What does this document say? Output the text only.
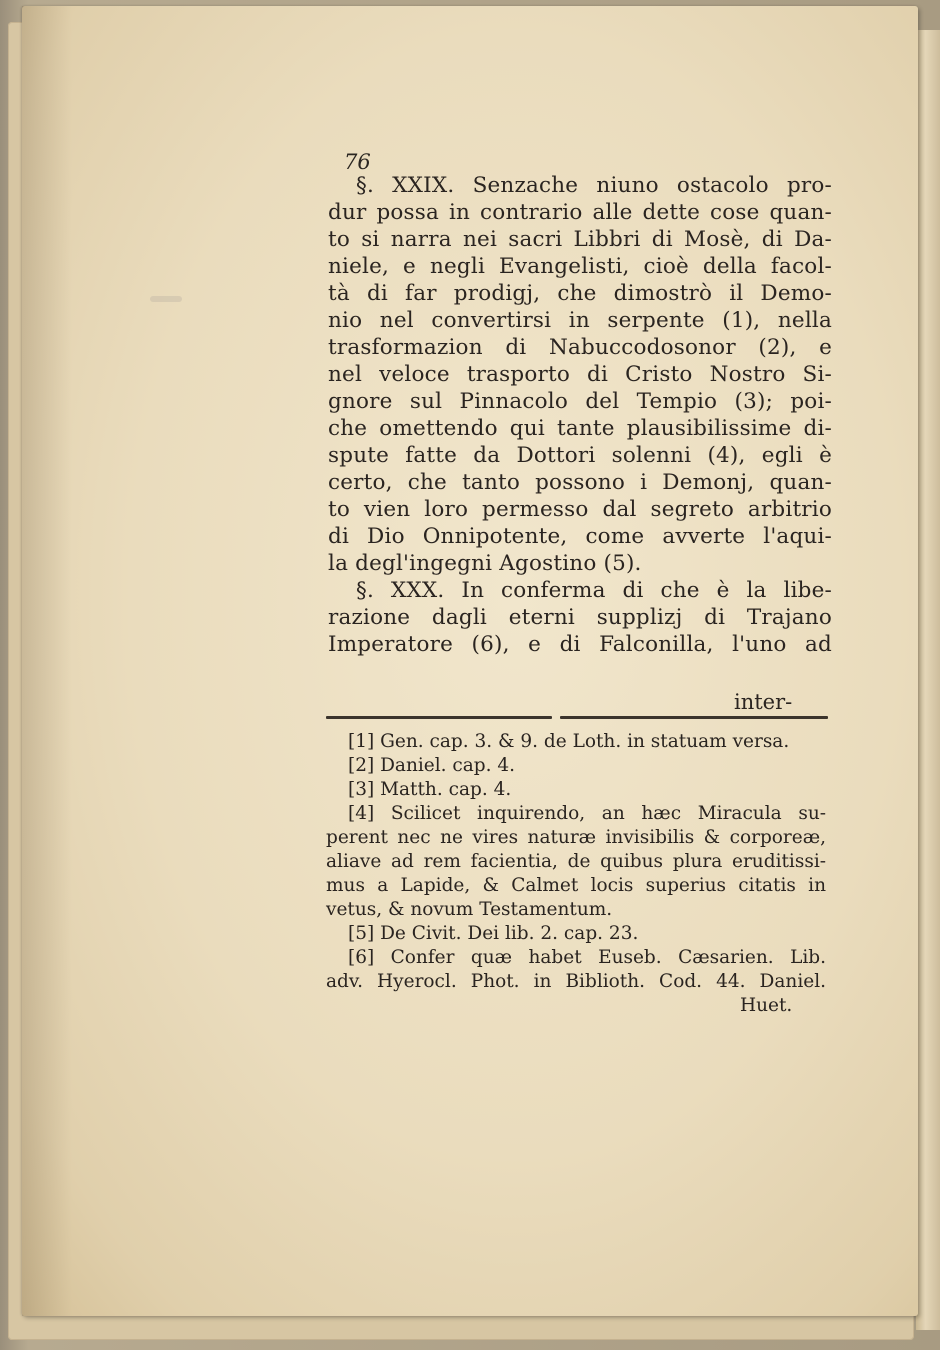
76
§. XXIX. Senzache niuno ostacolo pro-
dur possa in contrario alle dette cose quan-
to si narra nei sacri Libbri di Mosè, di Da-
niele, e negli Evangelisti, cioè della facol-
tà di far prodigj, che dimostrò il Demo-
nio nel convertirsi in serpente (1), nella
trasformazion di Nabuccodosonor (2), e
nel veloce trasporto di Cristo Nostro Si-
gnore sul Pinnacolo del Tempio (3); poi-
che omettendo qui tante plausibilissime di-
spute fatte da Dottori solenni (4), egli è
certo, che tanto possono i Demonj, quan-
to vien loro permesso dal segreto arbitrio
di Dio Onnipotente, come avverte l'aqui-
la degl'ingegni Agostino (5).
§. XXX. In conferma di che è la libe-
razione dagli eterni supplizj di Trajano
Imperatore (6), e di Falconilla, l'uno ad
inter-
[1] Gen. cap. 3. & 9. de Loth. in statuam versa.
[2] Daniel. cap. 4.
[3] Matth. cap. 4.
[4] Scilicet inquirendo, an hæc Miracula su-
perent nec ne vires naturæ invisibilis & corporeæ,
aliave ad rem facientia, de quibus plura eruditissi-
mus a Lapide, & Calmet locis superius citatis in
vetus, & novum Testamentum.
[5] De Civit. Dei lib. 2. cap. 23.
[6] Confer quæ habet Euseb. Cæsarien. Lib.
adv. Hyerocl. Phot. in Biblioth. Cod. 44. Daniel.
Huet.
